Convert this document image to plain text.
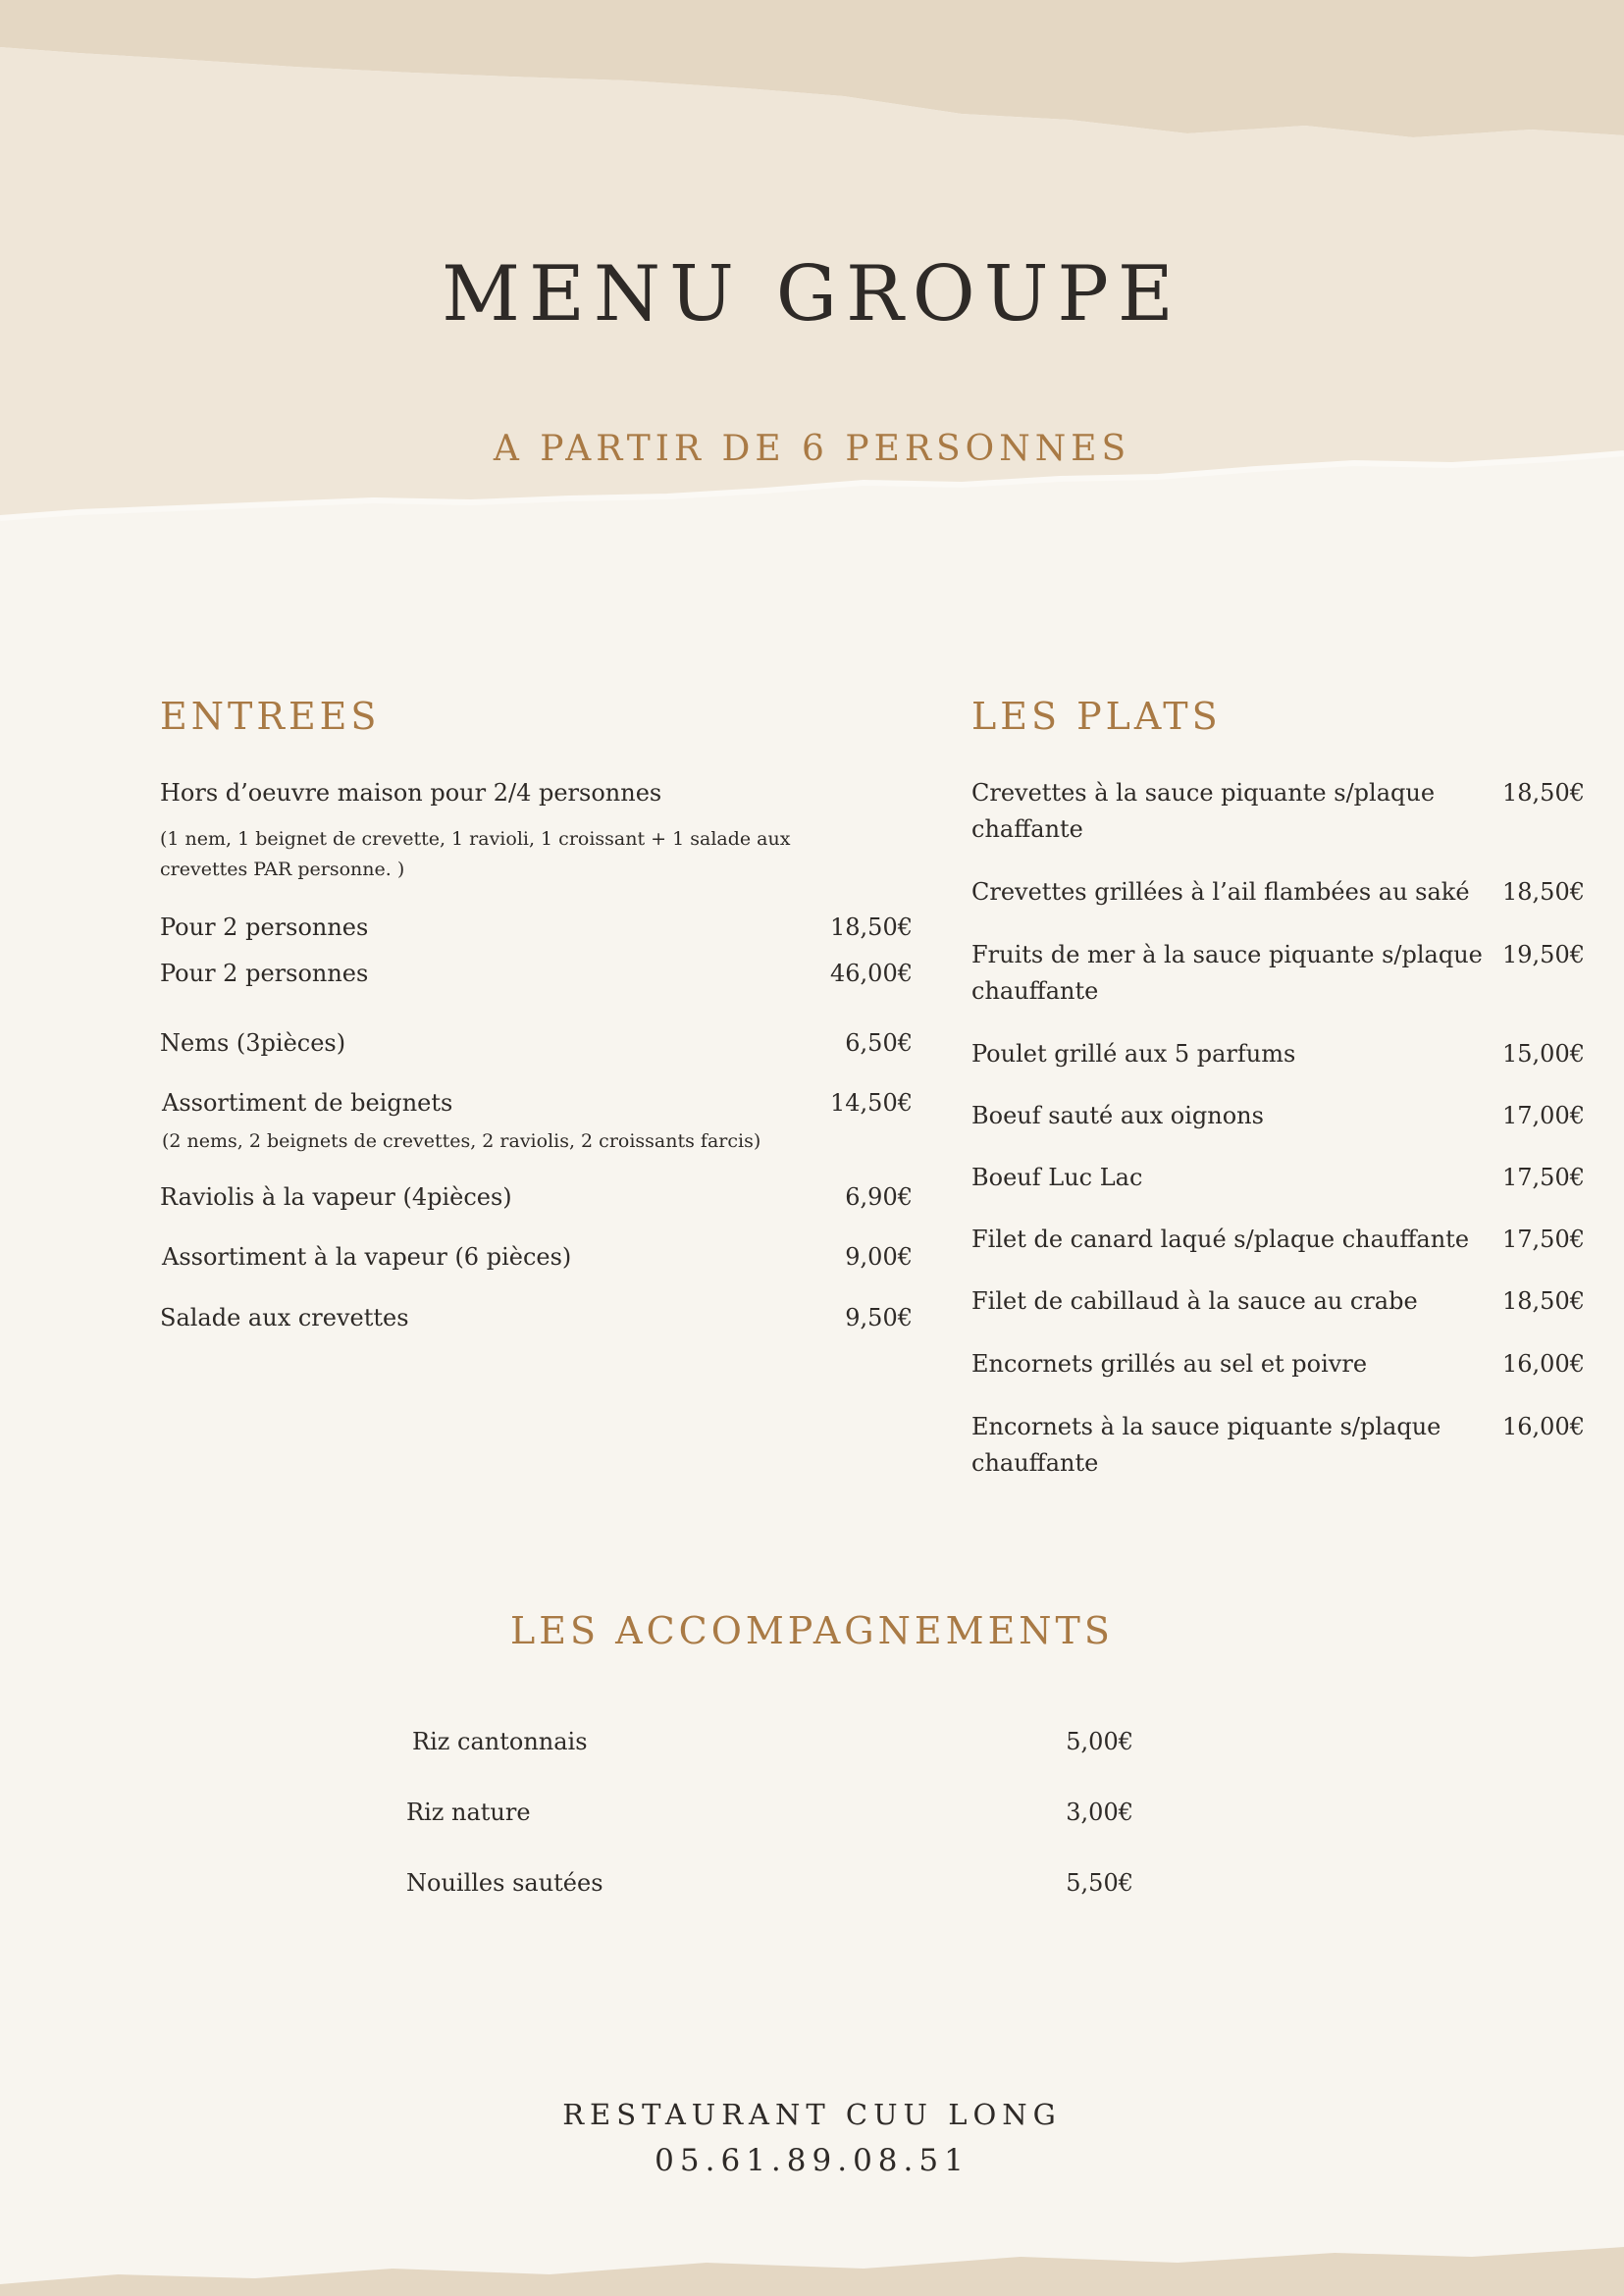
MENU GROUPE
A PARTIR DE 6 PERSONNES
ENTREES
Hors d’oeuvre maison pour 2/4 personnes
(1 nem, 1 beignet de crevette, 1 ravioli, 1 croissant + 1 salade aux
crevettes PAR personne. )
Pour 2 personnes	18,50€
Pour 2 personnes	46,00€
Nems (3pièces)	6,50€
Assortiment de beignets	14,50€
(2 nems, 2 beignets de crevettes, 2 raviolis, 2 croissants farcis)
Raviolis à la vapeur (4pièces)	6,90€
Assortiment à la vapeur (6 pièces)	9,00€
Salade aux crevettes	9,50€
LES PLATS
Crevettes à la sauce piquante s/plaque
chaffante
18,50€
Crevettes grillées à l’ail flambées au saké	18,50€
Fruits de mer à la sauce piquante s/plaque
chauffante
19,50€
Poulet grillé aux 5 parfums	15,00€
Boeuf sauté aux oignons	17,00€
Boeuf Luc Lac	17,50€
Filet de canard laqué s/plaque chauffante	17,50€
Filet de cabillaud à la sauce au crabe	18,50€
Encornets grillés au sel et poivre	16,00€
Encornets à la sauce piquante s/plaque
chauffante
16,00€
LES ACCOMPAGNEMENTS
Riz cantonnais	5,00€
Riz nature	3,00€
Nouilles sautées	5,50€
RESTAURANT CUU LONG
05.61.89.08.51
